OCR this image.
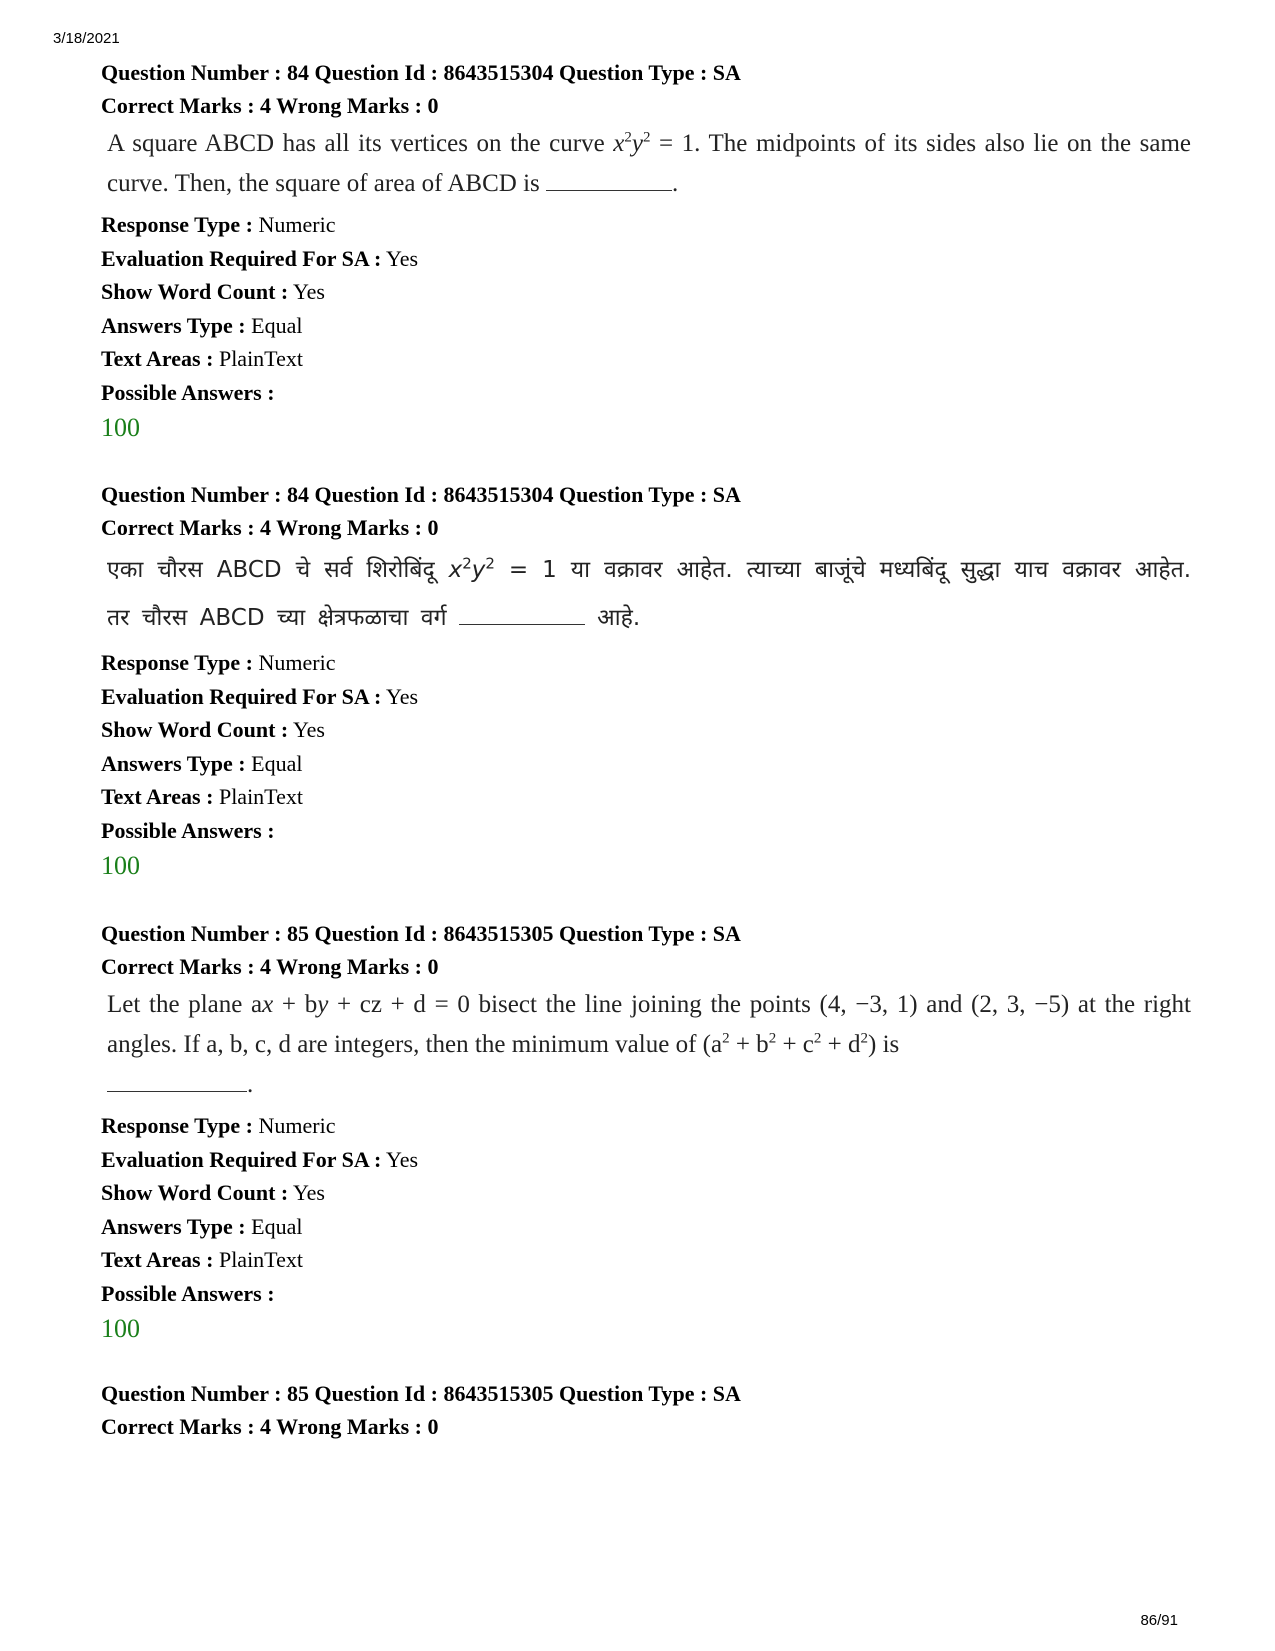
3/18/2021
Question Number : 84 Question Id : 8643515304 Question Type : SA
Correct Marks : 4 Wrong Marks : 0
A square ABCD has all its vertices on the curve $x^2y^2 = 1$. The midpoints of its sides also lie on the same curve. Then, the square of area of ABCD is	.
Response Type : Numeric
Evaluation Required For SA : Yes
Show Word Count : Yes
Answers Type : Equal
Text Areas : PlainText
Possible Answers :
100
Question Number : 84 Question Id : 8643515304 Question Type : SA
Correct Marks : 4 Wrong Marks : 0
एका चौरस ABCD चे सर्व शिरोबिंदू $x^2y^2 = 1$ या वक्रावर आहेत. त्याच्या बाजूंचे मध्यबिंदू सुद्धा याच वक्रावर आहेत. तर चौरस ABCD च्या क्षेत्रफळाचा वर्ग	आहे.
Response Type : Numeric
Evaluation Required For SA : Yes
Show Word Count : Yes
Answers Type : Equal
Text Areas : PlainText
Possible Answers :
100
Question Number : 85 Question Id : 8643515305 Question Type : SA
Correct Marks : 4 Wrong Marks : 0
Let the plane ax + by + cz + d = 0 bisect the line joining the points (4, −3, 1) and (2, 3, −5) at the right angles. If a, b, c, d are integers, then the minimum value of $(a^2 + b^2 + c^2 + d^2)$ is
.
Response Type : Numeric
Evaluation Required For SA : Yes
Show Word Count : Yes
Answers Type : Equal
Text Areas : PlainText
Possible Answers :
100
Question Number : 85 Question Id : 8643515305 Question Type : SA
Correct Marks : 4 Wrong Marks : 0
86/91
